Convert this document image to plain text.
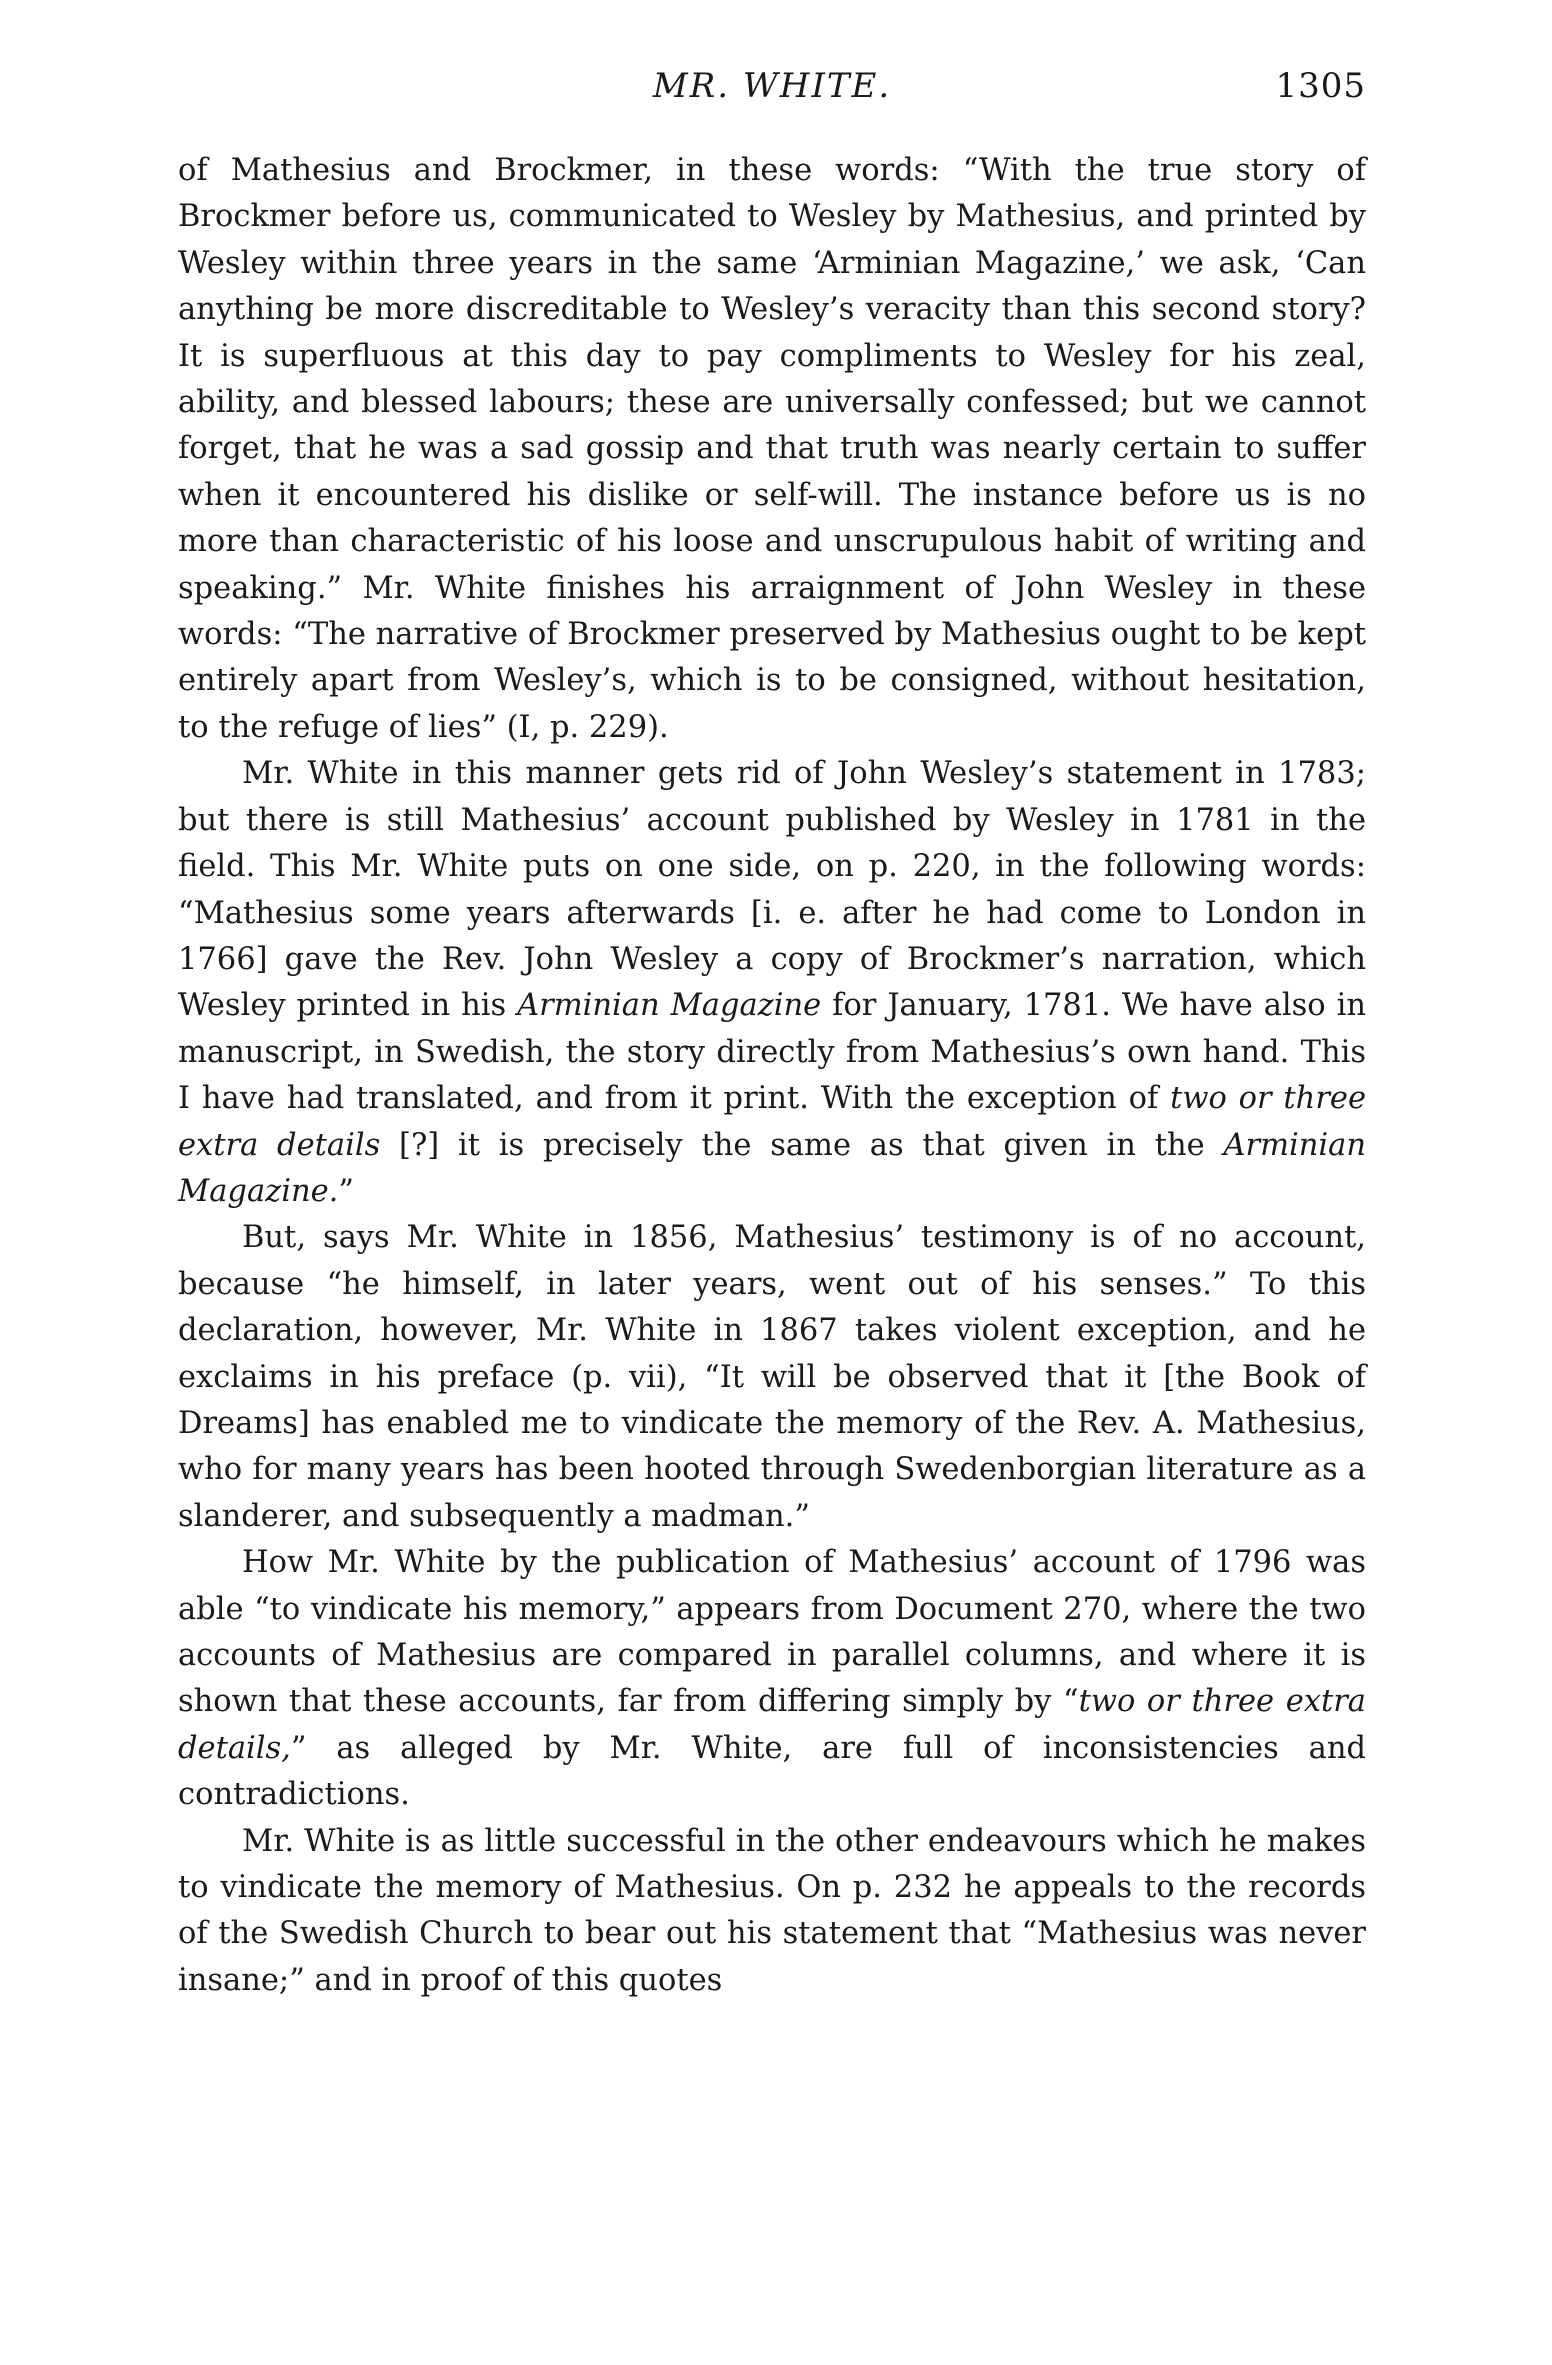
MR. WHITE.	1305

of Mathesius and Brockmer, in these words: “With the true story of Brockmer before us, communicated to Wesley by Mathesius, and printed by Wesley within three years in the same ‘Arminian Magazine,’ we ask, ‘Can anything be more discreditable to Wesley’s veracity than this second story? It is superfluous at this day to pay compliments to Wesley for his zeal, ability, and blessed labours; these are universally confessed; but we cannot forget, that he was a sad gossip and that truth was nearly certain to suffer when it encountered his dislike or self-will. The instance before us is no more than characteristic of his loose and unscrupulous habit of writing and speaking.” Mr. White finishes his arraignment of John Wesley in these words: “The narrative of Brockmer preserved by Mathesius ought to be kept entirely apart from Wesley’s, which is to be consigned, without hesitation, to the refuge of lies” (I, p. 229).

Mr. White in this manner gets rid of John Wesley’s statement in 1783; but there is still Mathesius’ account published by Wesley in 1781 in the field. This Mr. White puts on one side, on p. 220, in the following words: “Mathesius some years afterwards [i. e. after he had come to London in 1766] gave the Rev. John Wesley a copy of Brockmer’s narration, which Wesley printed in his Arminian Magazine for January, 1781. We have also in manuscript, in Swedish, the story directly from Mathesius’s own hand. This I have had translated, and from it print. With the exception of two or three extra details [?] it is precisely the same as that given in the Arminian Magazine.”

But, says Mr. White in 1856, Mathesius’ testimony is of no account, because “he himself, in later years, went out of his senses.” To this declaration, however, Mr. White in 1867 takes violent exception, and he exclaims in his preface (p. vii), “It will be observed that it [the Book of Dreams] has enabled me to vindicate the memory of the Rev. A. Mathesius, who for many years has been hooted through Swedenborgian literature as a slanderer, and subsequently a madman.”

How Mr. White by the publication of Mathesius’ account of 1796 was able “to vindicate his memory,” appears from Document 270, where the two accounts of Mathesius are compared in parallel columns, and where it is shown that these accounts, far from differing simply by “two or three extra details,” as alleged by Mr. White, are full of inconsistencies and contradictions.

Mr. White is as little successful in the other endeavours which he makes to vindicate the memory of Mathesius. On p. 232 he appeals to the records of the Swedish Church to bear out his statement that “Mathesius was never insane;” and in proof of this quotes
